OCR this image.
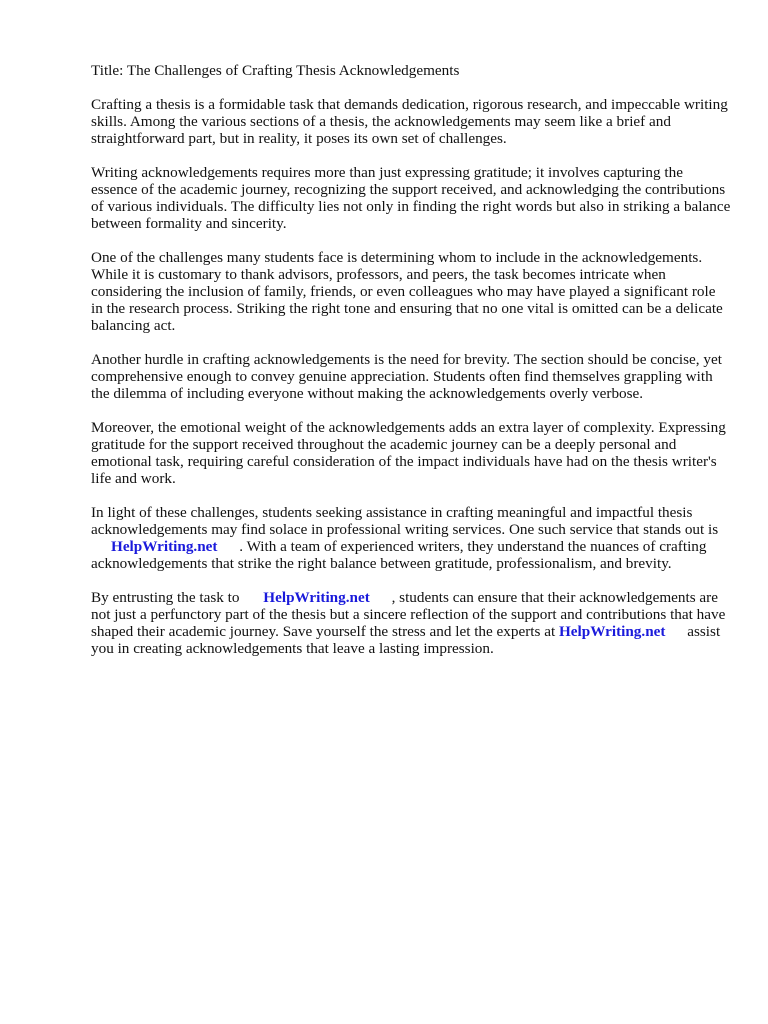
Title: The Challenges of Crafting Thesis Acknowledgements

Crafting a thesis is a formidable task that demands dedication, rigorous research, and impeccable writing skills. Among the various sections of a thesis, the acknowledgements may seem like a brief and straightforward part, but in reality, it poses its own set of challenges.

Writing acknowledgements requires more than just expressing gratitude; it involves capturing the essence of the academic journey, recognizing the support received, and acknowledging the contributions of various individuals. The difficulty lies not only in finding the right words but also in striking a balance between formality and sincerity.

One of the challenges many students face is determining whom to include in the acknowledgements. While it is customary to thank advisors, professors, and peers, the task becomes intricate when considering the inclusion of family, friends, or even colleagues who may have played a significant role in the research process. Striking the right tone and ensuring that no one vital is omitted can be a delicate balancing act.

Another hurdle in crafting acknowledgements is the need for brevity. The section should be concise, yet comprehensive enough to convey genuine appreciation. Students often find themselves grappling with the dilemma of including everyone without making the acknowledgements overly verbose.

Moreover, the emotional weight of the acknowledgements adds an extra layer of complexity. Expressing gratitude for the support received throughout the academic journey can be a deeply personal and emotional task, requiring careful consideration of the impact individuals have had on the thesis writer's life and work.

In light of these challenges, students seeking assistance in crafting meaningful and impactful thesis acknowledgements may find solace in professional writing services. One such service that stands out is HelpWriting.net . With a team of experienced writers, they understand the nuances of crafting acknowledgements that strike the right balance between gratitude, professionalism, and brevity.

By entrusting the task to HelpWriting.net , students can ensure that their acknowledgements are not just a perfunctory part of the thesis but a sincere reflection of the support and contributions that have shaped their academic journey. Save yourself the stress and let the experts at HelpWriting.net assist you in creating acknowledgements that leave a lasting impression.
